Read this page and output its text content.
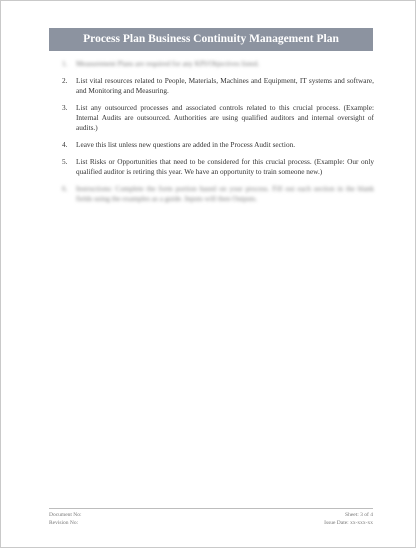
Process Plan Business Continuity Management Plan
1. Measurement Plans are required for any KPI/Objectives listed.
2. List vital resources related to People, Materials, Machines and Equipment, IT systems and software, and Monitoring and Measuring.
3. List any outsourced processes and associated controls related to this crucial process. (Example: Internal Audits are outsourced. Authorities are using qualified auditors and internal oversight of audits.)
4. Leave this list unless new questions are added in the Process Audit section.
5. List Risks or Opportunities that need to be considered for this crucial process. (Example: Our only qualified auditor is retiring this year. We have an opportunity to train someone new.)
6. Instructions: Complete the form portion based on your process. Fill out each section in the blank fields using the examples as a guide. Inputs will then Outputs.
Document No:
Revision No:
Sheet: 3 of 4
Issue Date: xx-xxx-xx
